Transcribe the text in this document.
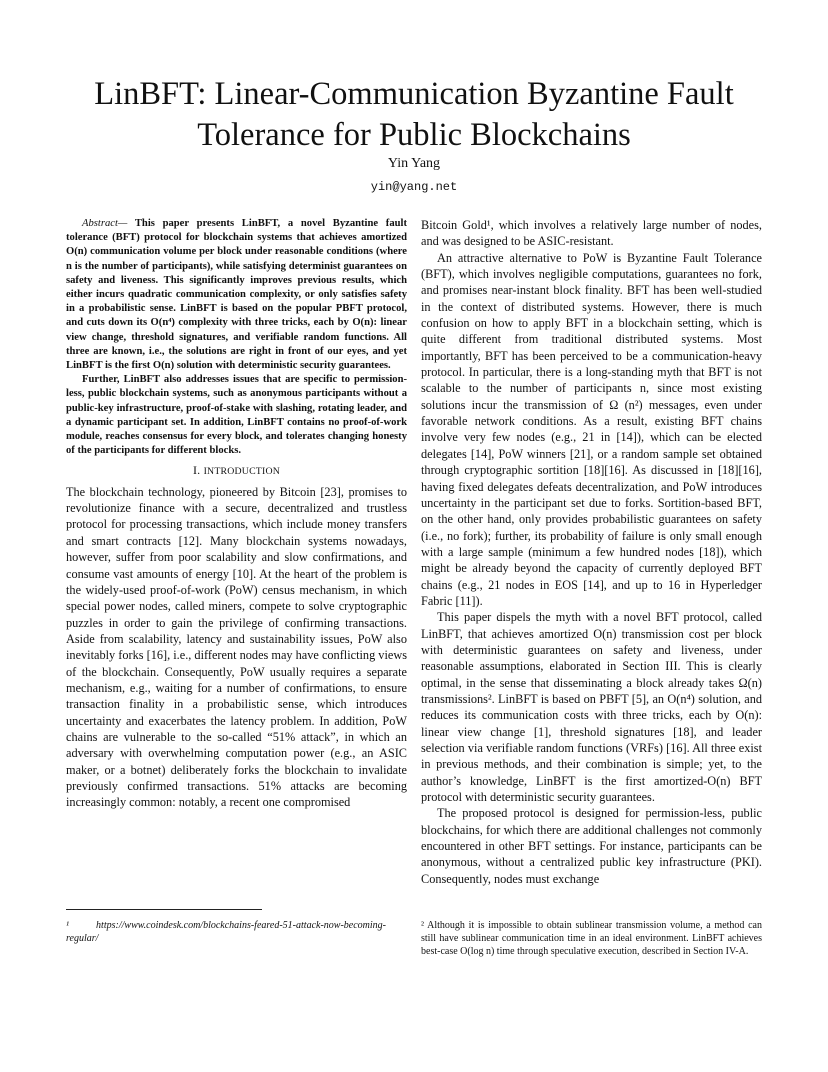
LinBFT: Linear-Communication Byzantine Fault Tolerance for Public Blockchains
Yin Yang
yin@yang.net

Abstract— This paper presents LinBFT, a novel Byzantine fault tolerance (BFT) protocol for blockchain systems that achieves amortized O(n) communication volume per block under reasonable conditions (where n is the number of participants), while satisfying determinist guarantees on safety and liveness. This significantly improves previous results, which either incurs quadratic communication complexity, or only satisfies safety in a probabilistic sense. LinBFT is based on the popular PBFT protocol, and cuts down its O(n⁴) complexity with three tricks, each by O(n): linear view change, threshold signatures, and verifiable random functions. All three are known, i.e., the solutions are right in front of our eyes, and yet LinBFT is the first O(n) solution with deterministic security guarantees.

Further, LinBFT also addresses issues that are specific to permission-less, public blockchain systems, such as anonymous participants without a public-key infrastructure, proof-of-stake with slashing, rotating leader, and a dynamic participant set. In addition, LinBFT contains no proof-of-work module, reaches consensus for every block, and tolerates changing honesty of the participants for different blocks.

I. INTRODUCTION

The blockchain technology, pioneered by Bitcoin [23], promises to revolutionize finance with a secure, decentralized and trustless protocol for processing transactions, which include money transfers and smart contracts [12]. Many blockchain systems nowadays, however, suffer from poor scalability and slow confirmations, and consume vast amounts of energy [10]. At the heart of the problem is the widely-used proof-of-work (PoW) census mechanism, in which special power nodes, called miners, compete to solve cryptographic puzzles in order to gain the privilege of confirming transactions. Aside from scalability, latency and sustainability issues, PoW also inevitably forks [16], i.e., different nodes may have conflicting views of the blockchain. Consequently, PoW usually requires a separate mechanism, e.g., waiting for a number of confirmations, to ensure transaction finality in a probabilistic sense, which introduces uncertainty and exacerbates the latency problem. In addition, PoW chains are vulnerable to the so-called “51% attack”, in which an adversary with overwhelming computation power (e.g., an ASIC maker, or a botnet) deliberately forks the blockchain to invalidate previously confirmed transactions. 51% attacks are becoming increasingly common: notably, a recent one compromised

Bitcoin Gold¹, which involves a relatively large number of nodes, and was designed to be ASIC-resistant.

An attractive alternative to PoW is Byzantine Fault Tolerance (BFT), which involves negligible computations, guarantees no fork, and promises near-instant block finality. BFT has been well-studied in the context of distributed systems. However, there is much confusion on how to apply BFT in a blockchain setting, which is quite different from traditional distributed systems. Most importantly, BFT has been perceived to be a communication-heavy protocol. In particular, there is a long-standing myth that BFT is not scalable to the number of participants n, since most existing solutions incur the transmission of Ω (n²) messages, even under favorable network conditions. As a result, existing BFT chains involve very few nodes (e.g., 21 in [14]), which can be elected delegates [14], PoW winners [21], or a random sample set obtained through cryptographic sortition [18][16]. As discussed in [18][16], having fixed delegates defeats decentralization, and PoW introduces uncertainty in the participant set due to forks. Sortition-based BFT, on the other hand, only provides probabilistic guarantees on safety (i.e., no fork); further, its probability of failure is only small enough with a large sample (minimum a few hundred nodes [18]), which might be already beyond the capacity of currently deployed BFT chains (e.g., 21 nodes in EOS [14], and up to 16 in Hyperledger Fabric [11]).

This paper dispels the myth with a novel BFT protocol, called LinBFT, that achieves amortized O(n) transmission cost per block with deterministic guarantees on safety and liveness, under reasonable assumptions, elaborated in Section III. This is clearly optimal, in the sense that disseminating a block already takes Ω(n) transmissions². LinBFT is based on PBFT [5], an O(n⁴) solution, and reduces its communication costs with three tricks, each by O(n): linear view change [1], threshold signatures [18], and leader selection via verifiable random functions (VRFs) [16]. All three exist in previous methods, and their combination is simple; yet, to the author’s knowledge, LinBFT is the first amortized-O(n) BFT protocol with deterministic security guarantees.

The proposed protocol is designed for permission-less, public blockchains, for which there are additional challenges not commonly encountered in other BFT settings. For instance, participants can be anonymous, without a centralized public key infrastructure (PKI). Consequently, nodes must exchange

¹ https://www.coindesk.com/blockchains-feared-51-attack-now-becoming-regular/
² Although it is impossible to obtain sublinear transmission volume, a method can still have sublinear communication time in an ideal environment. LinBFT achieves best-case O(log n) time through speculative execution, described in Section IV-A.
